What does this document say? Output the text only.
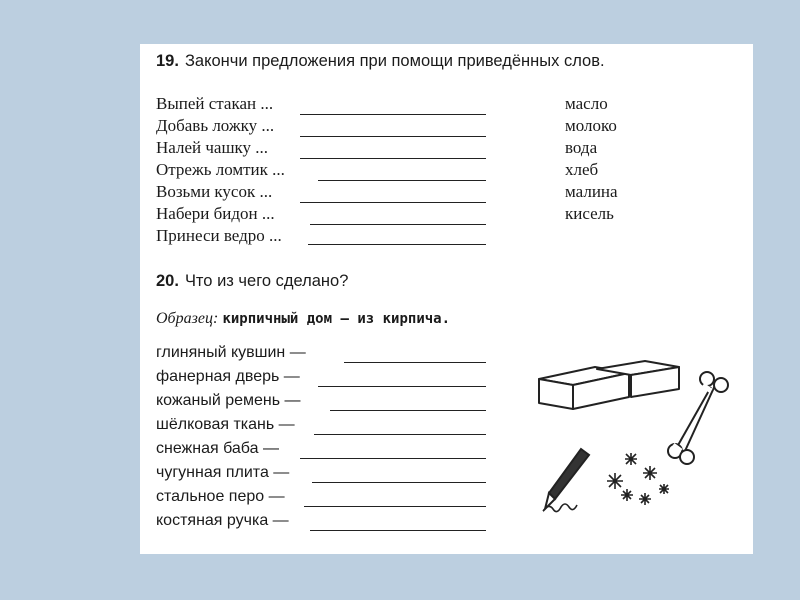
19. Закончи предложения при помощи приведённых слов.
Выпей стакан ...
Добавь ложку ...
Налей чашку ...
Отрежь ломтик ...
Возьми кусок ...
Набери бидон ...
Принеси ведро ...
масло
молоко
вода
хлеб
малина
кисель
20. Что из чего сделано?
Образец: кирпичный дом — из кирпича.
глиняный кувшин —
фанерная дверь —
кожаный ремень —
шёлковая ткань —
снежная баба —
чугунная плита —
стальное перо —
костяная ручка —
